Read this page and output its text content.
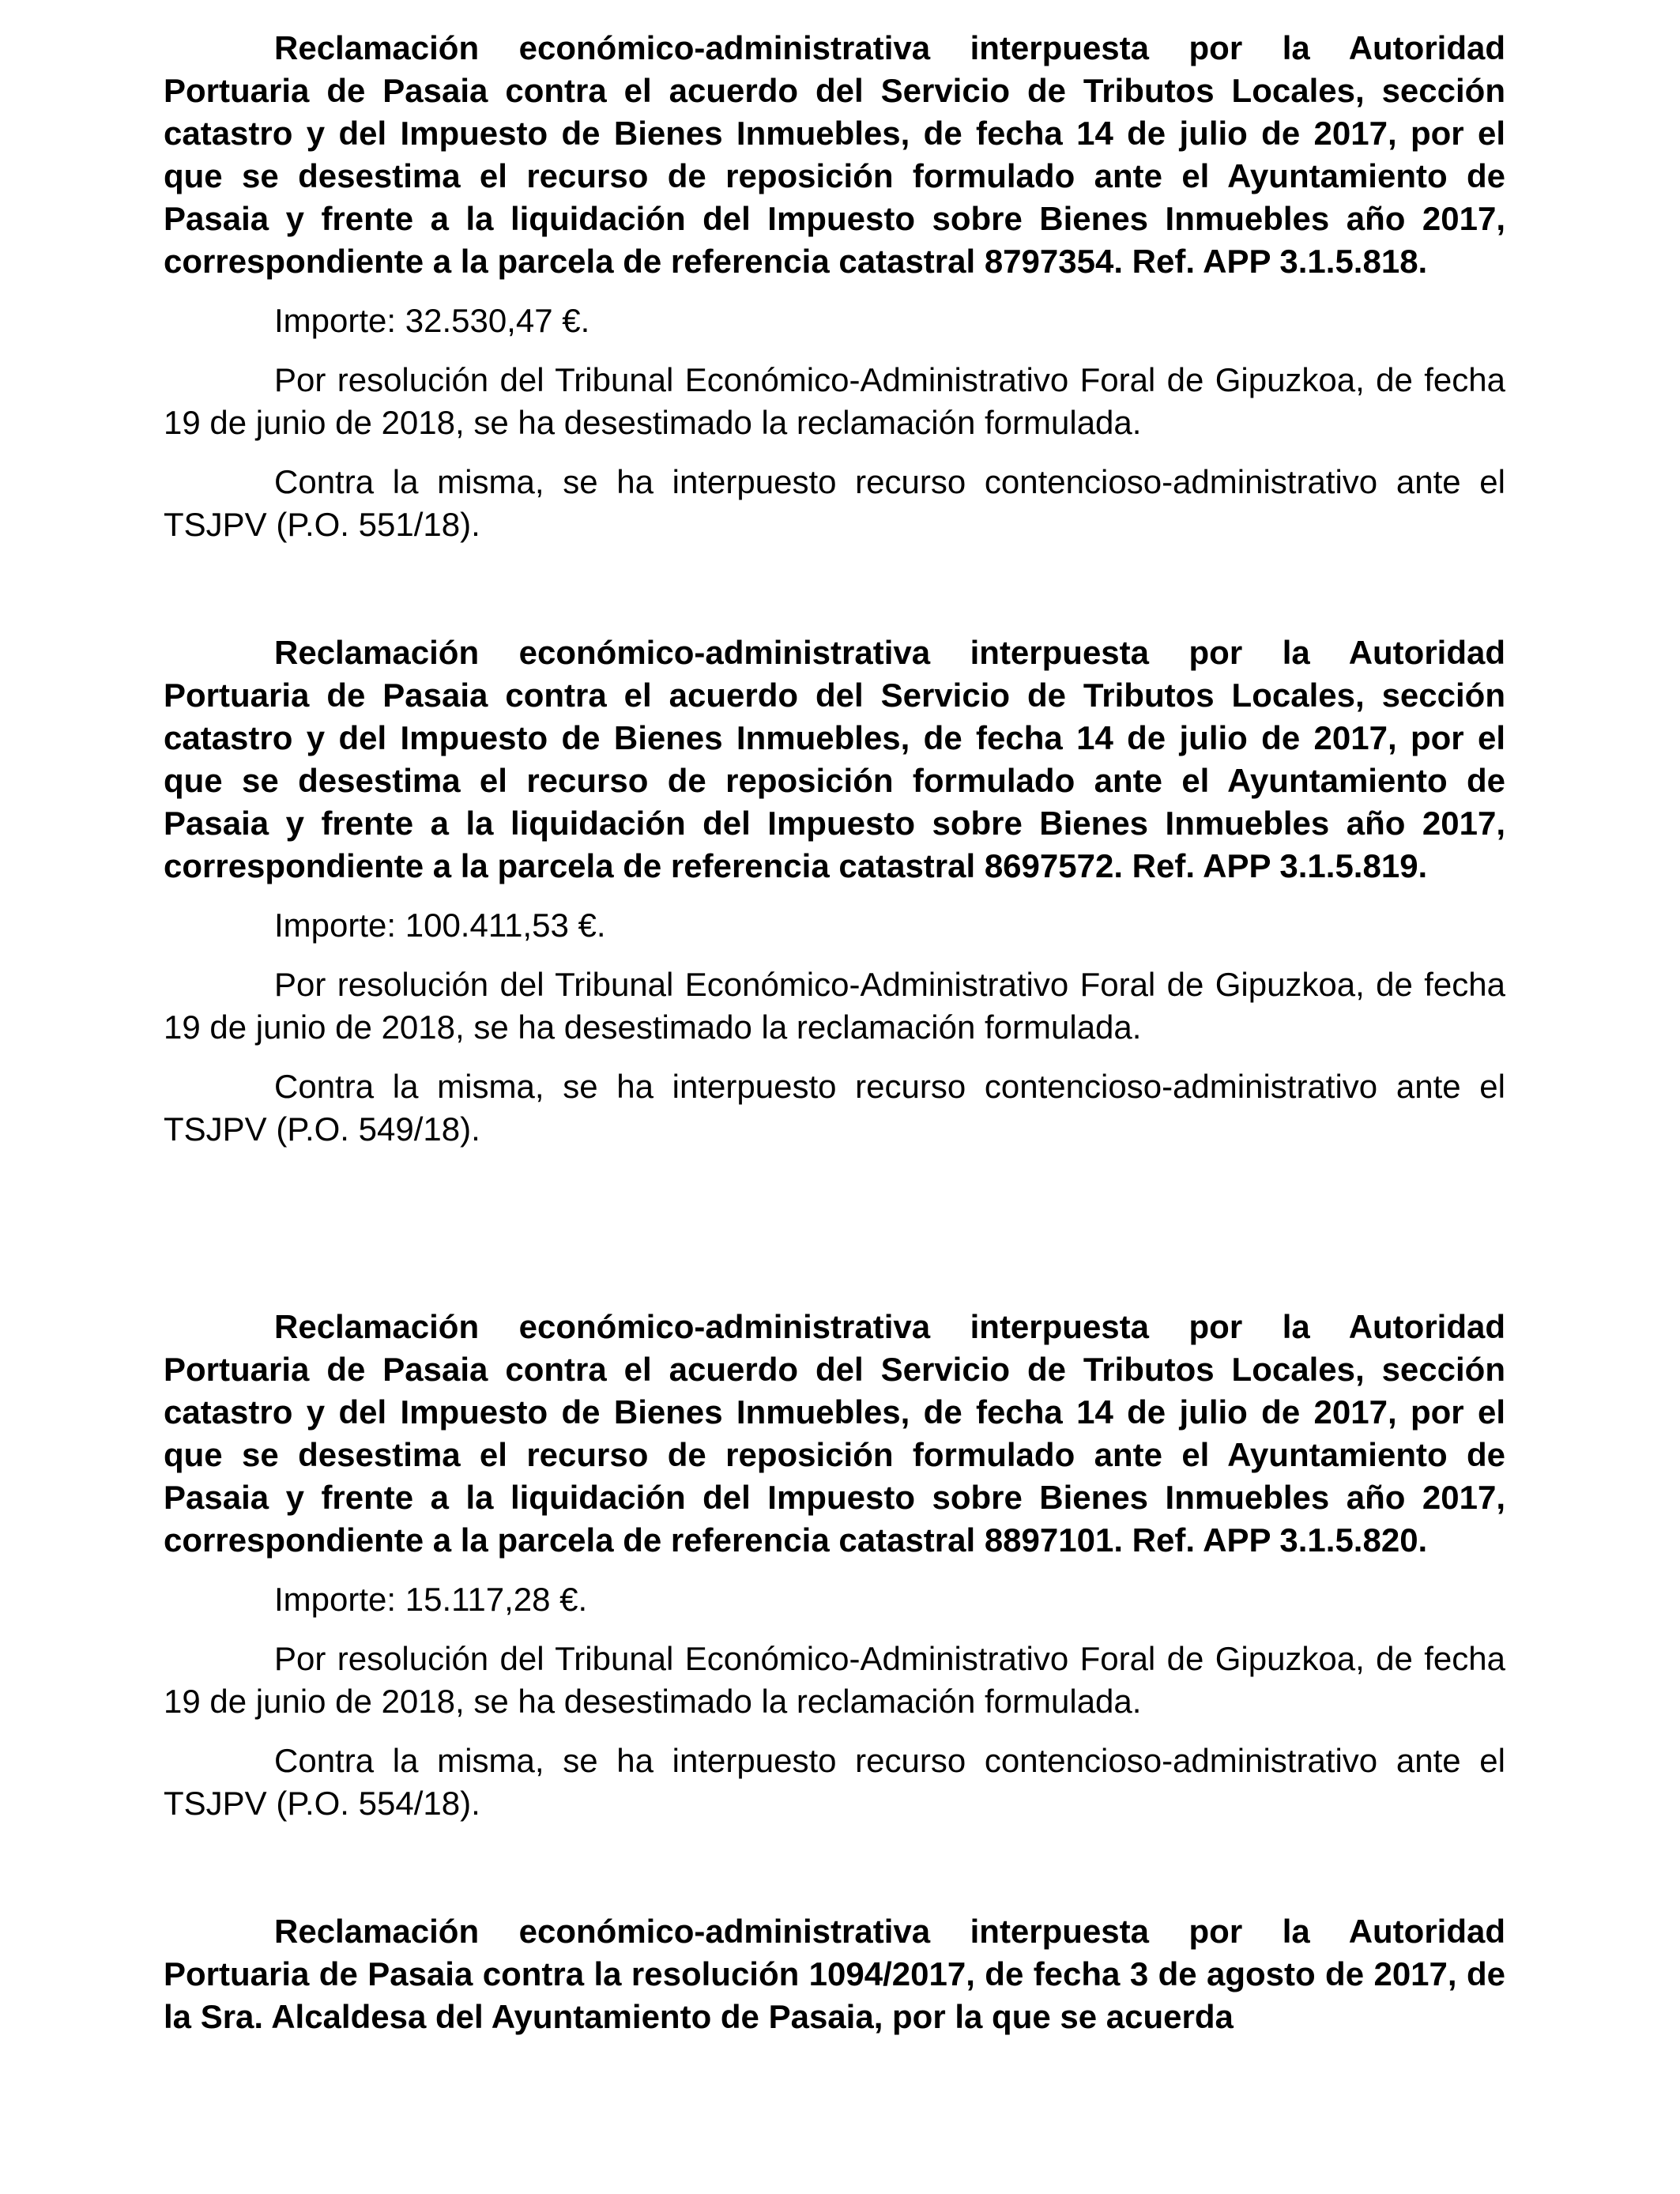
Reclamación económico-administrativa interpuesta por la Autoridad Portuaria de Pasaia contra el acuerdo del Servicio de Tributos Locales, sección catastro y del Impuesto de Bienes Inmuebles, de fecha 14 de julio de 2017, por el que se desestima el recurso de reposición formulado ante el Ayuntamiento de Pasaia y frente a la liquidación del Impuesto sobre Bienes Inmuebles año 2017, correspondiente a la parcela de referencia catastral 8797354. Ref. APP 3.1.5.818.

Importe: 32.530,47 €.

Por resolución del Tribunal Económico-Administrativo Foral de Gipuzkoa, de fecha 19 de junio de 2018, se ha desestimado la reclamación formulada.

Contra la misma, se ha interpuesto recurso contencioso-administrativo ante el TSJPV (P.O. 551/18).

Reclamación económico-administrativa interpuesta por la Autoridad Portuaria de Pasaia contra el acuerdo del Servicio de Tributos Locales, sección catastro y del Impuesto de Bienes Inmuebles, de fecha 14 de julio de 2017, por el que se desestima el recurso de reposición formulado ante el Ayuntamiento de Pasaia y frente a la liquidación del Impuesto sobre Bienes Inmuebles año 2017, correspondiente a la parcela de referencia catastral 8697572. Ref. APP 3.1.5.819.

Importe: 100.411,53 €.

Por resolución del Tribunal Económico-Administrativo Foral de Gipuzkoa, de fecha 19 de junio de 2018, se ha desestimado la reclamación formulada.

Contra la misma, se ha interpuesto recurso contencioso-administrativo ante el TSJPV (P.O. 549/18).

Reclamación económico-administrativa interpuesta por la Autoridad Portuaria de Pasaia contra el acuerdo del Servicio de Tributos Locales, sección catastro y del Impuesto de Bienes Inmuebles, de fecha 14 de julio de 2017, por el que se desestima el recurso de reposición formulado ante el Ayuntamiento de Pasaia y frente a la liquidación del Impuesto sobre Bienes Inmuebles año 2017, correspondiente a la parcela de referencia catastral 8897101. Ref. APP 3.1.5.820.

Importe: 15.117,28 €.

Por resolución del Tribunal Económico-Administrativo Foral de Gipuzkoa, de fecha 19 de junio de 2018, se ha desestimado la reclamación formulada.

Contra la misma, se ha interpuesto recurso contencioso-administrativo ante el TSJPV (P.O. 554/18).

Reclamación económico-administrativa interpuesta por la Autoridad Portuaria de Pasaia contra la resolución 1094/2017, de fecha 3 de agosto de 2017, de la Sra. Alcaldesa del Ayuntamiento de Pasaia, por la que se acuerda
